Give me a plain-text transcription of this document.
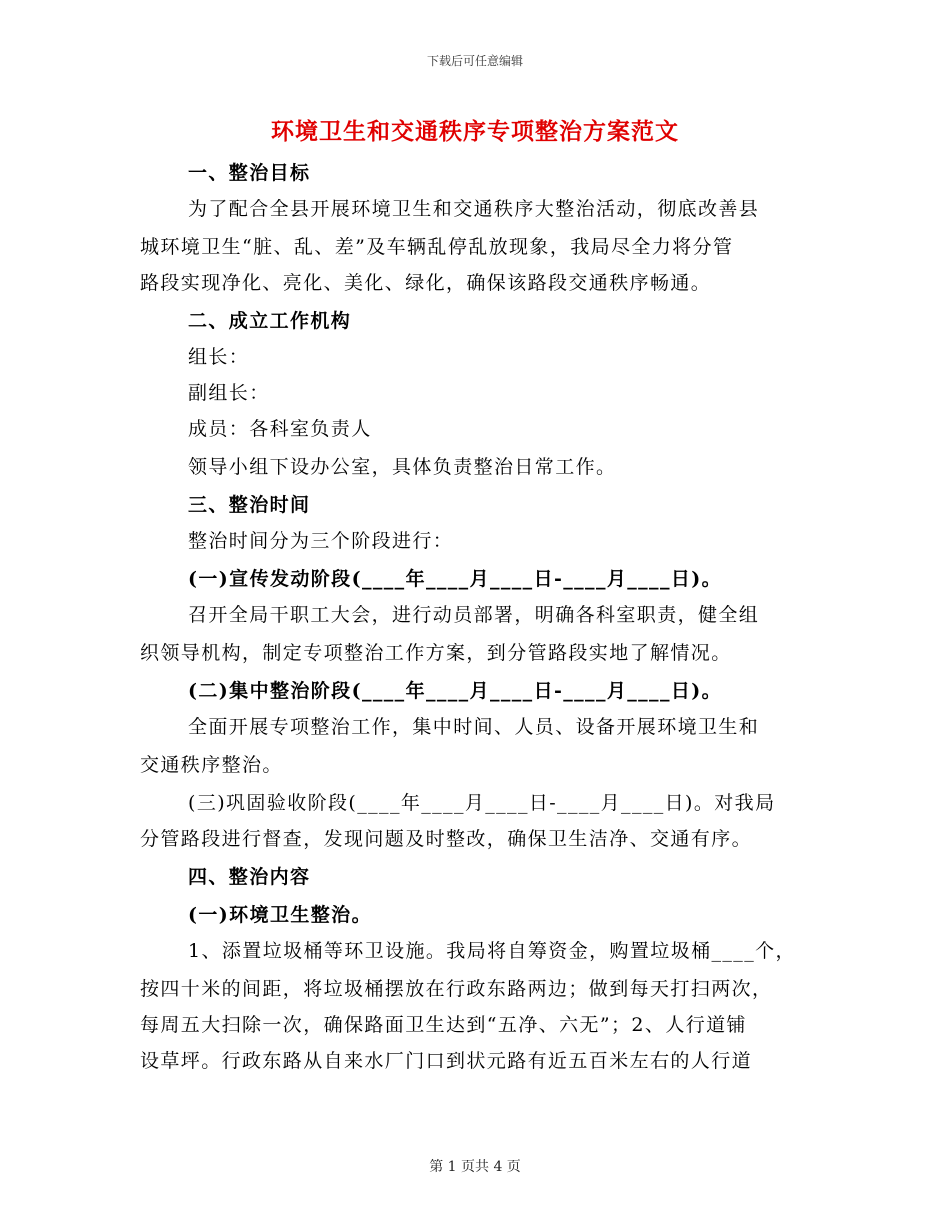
下载后可任意编辑
环境卫生和交通秩序专项整治方案范文
一、整治目标
为了配合全县开展环境卫生和交通秩序大整治活动，彻底改善县
城环境卫生“脏、乱、差”及车辆乱停乱放现象，我局尽全力将分管
路段实现净化、亮化、美化、绿化，确保该路段交通秩序畅通。
二、成立工作机构
组长：
副组长：
成员：各科室负责人
领导小组下设办公室，具体负责整治日常工作。
三、整治时间
整治时间分为三个阶段进行：
(一)宣传发动阶段(____年____月____日-____月____日)。
召开全局干职工大会，进行动员部署，明确各科室职责，健全组
织领导机构，制定专项整治工作方案，到分管路段实地了解情况。
(二)集中整治阶段(____年____月____日-____月____日)。
全面开展专项整治工作，集中时间、人员、设备开展环境卫生和
交通秩序整治。
(三)巩固验收阶段(____年____月____日-____月____日)。对我局
分管路段进行督查，发现问题及时整改，确保卫生洁净、交通有序。
四、整治内容
(一)环境卫生整治。
1、添置垃圾桶等环卫设施。我局将自筹资金，购置垃圾桶____个，
按四十米的间距，将垃圾桶摆放在行政东路两边；做到每天打扫两次，
每周五大扫除一次，确保路面卫生达到“五净、六无”；2、人行道铺
设草坪。行政东路从自来水厂门口到状元路有近五百米左右的人行道
第 1 页共 4 页
